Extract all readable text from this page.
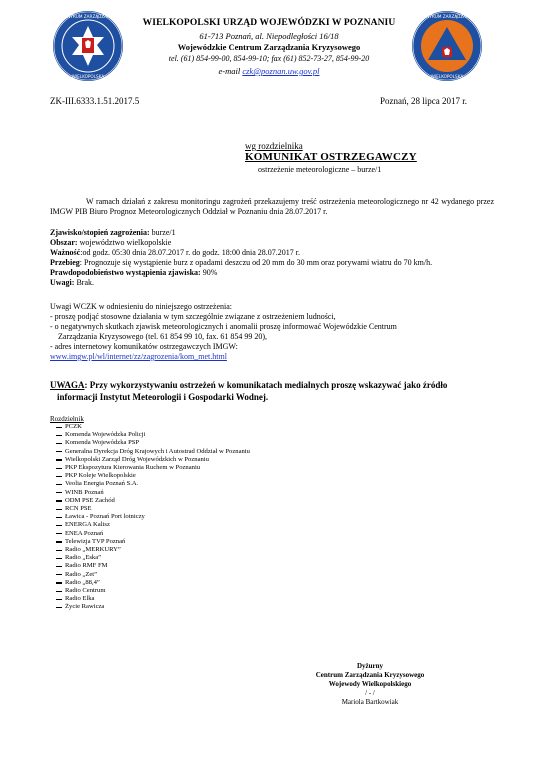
CENTRUM ZARZĄDZANIA
WIELKOPOLSKA
CENTRUM ZARZĄDZANIA
WIELKOPOLSKA
WIELKOPOLSKI URZĄD WOJEWÓDZKI W POZNANIU
61-713 Poznań, al. Niepodległości 16/18
Wojewódzkie Centrum Zarządzania Kryzysowego
tel. (61) 854-99-00, 854-99-10; fax (61) 852-73-27, 854-99-20
e-mail czk@poznan.uw.gov.pl
ZK-III.6333.1.51.2017.5	Poznań, 28 lipca 2017 r.
wg rozdzielnika
KOMUNIKAT OSTRZEGAWCZY
ostrzeżenie meteorologiczne – burze/1
W ramach działań z zakresu monitoringu zagrożeń przekazujemy treść ostrzeżenia meteorologicznego nr 42 wydanego przez IMGW PIB Biuro Prognoz Meteorologicznych Oddział w Poznaniu dnia 28.07.2017 r.
Zjawisko/stopień zagrożenia: burze/1
Obszar: województwo wielkopolskie
Ważność:od godz. 05:30 dnia 28.07.2017 r. do godz. 18:00 dnia 28.07.2017 r.
Przebieg: Prognozuje się wystąpienie burz z opadami deszczu od 20 mm do 30 mm oraz porywami wiatru do 70 km/h.
Prawdopodobieństwo wystąpienia zjawiska: 90%
Uwagi: Brak.
Uwagi WCZK w odniesieniu do niniejszego ostrzeżenia:
- proszę podjąć stosowne działania w tym szczególnie związane z ostrzeżeniem ludności,
- o negatywnych skutkach zjawisk meteorologicznych i anomalii proszę informować Wojewódzkie Centrum
Zarządzania Kryzysowego (tel. 61 854 99 10, fax. 61 854 99 20),
- adres internetowy komunikatów ostrzegawczych IMGW:
www.imgw.pl/wl/internet/zz/zagrozenia/kom_met.html
UWAGA: Przy wykorzystywaniu ostrzeżeń w komunikatach medialnych proszę wskazywać jako źródło
informacji Instytut Meteorologii i Gospodarki Wodnej.
Rozdzielnik
PCZK
Komenda Wojewódzka Policji
Komenda Wojewódzka PSP
Generalna Dyrekcja Dróg Krajowych i Autostrad Oddział w Poznaniu
Wielkopolski Zarząd Dróg Wojewódzkich w Poznaniu
PKP Ekspozytura Kierowania Ruchem w Poznaniu
PKP Koleje Wielkopolskie
Veolia Energia Poznań S.A.
WINB Poznań
ODM PSE Zachód
RCN PSE
Ławica - Poznań Port lotniczy
ENERGA Kalisz
ENEA Poznań
Telewizja TVP Poznań
Radio „MERKURY”
Radio „Eska”
Radio RMF FM
Radio „Zet”
Radio „88,4”
Radio Centrum
Radio Elka
Życie Rawicza
Dyżurny
Centrum Zarządzania Kryzysowego
Wojewody Wielkopolskiego
/ - /
Mariola Bartkowiak
